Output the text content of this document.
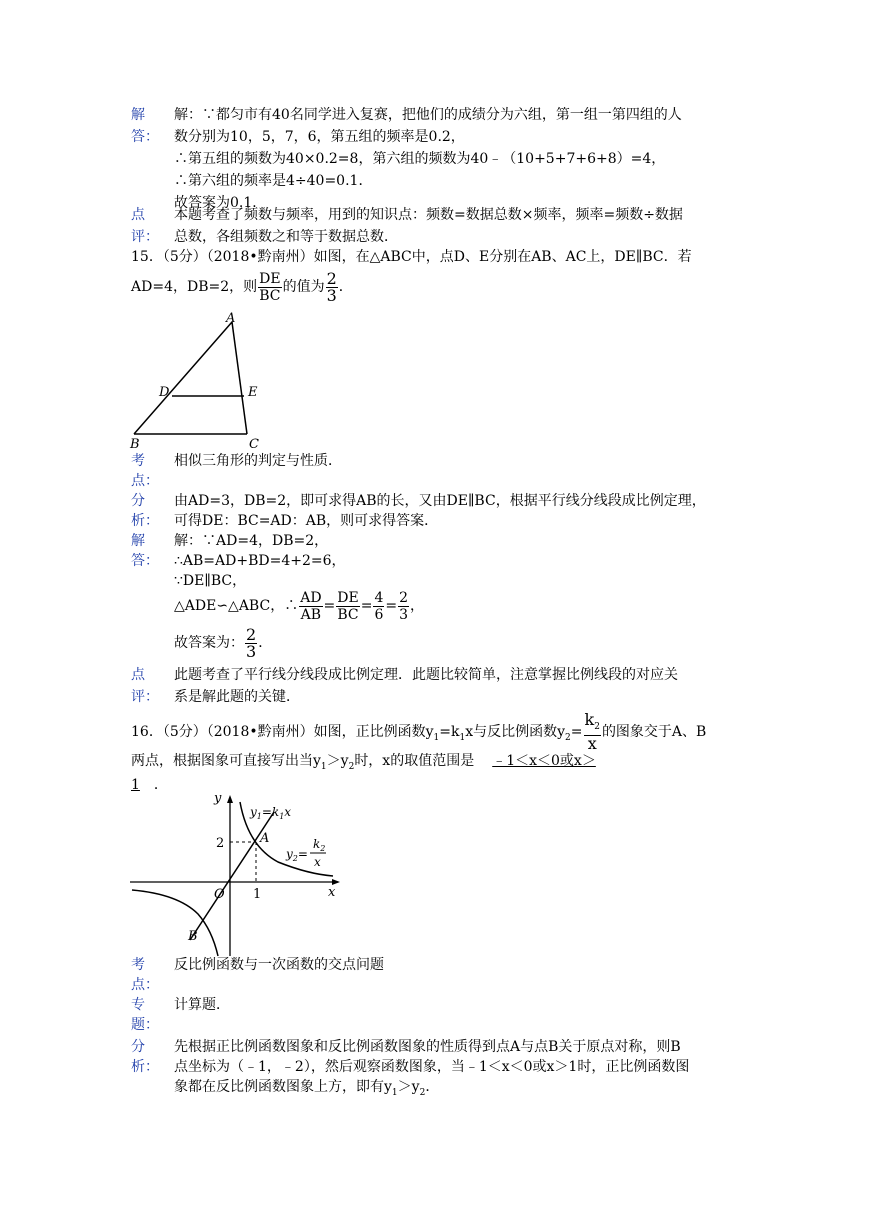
解
答：
解：∵都匀市有40名同学进入复赛，把他们的成绩分为六组，第一组一第四组的人
数分别为10，5，7，6，第五组的频率是0.2，
∴第五组的频数为40×0.2=8，第六组的频数为40﹣（10+5+7+6+8）=4，
∴第六组的频率是4÷40=0.1．
故答案为0.1．
点
评：
本题考查了频数与频率，用到的知识点：频数=数据总数×频率，频率=频数÷数据
总数，各组频数之和等于数据总数．
15．（5分）（2018•黔南州）如图，在△ABC中，点D、E分别在AB、AC上，DE∥BC．若
AD=4，DB=2，则 $\frac{DE}{BC}$ 的值为 $\frac{2}{3}$ ．
A
B	C
D	E
考
点：
相似三角形的判定与性质．
分
析：
由AD=3，DB=2，即可求得AB的长，又由DE∥BC，根据平行线分线段成比例定理，
可得DE：BC=AD：AB，则可求得答案．
解
答：
解：∵AD=4，DB=2，
∴AB=AD+BD=4+2=6，
∵DE∥BC，
△ADE∽△ABC，∴ $\frac{AD}{AB} = \frac{DE}{BC} = \frac{4}{6} = \frac{2}{3}$ ，
故答案为： $\frac{2}{3}$ ．
点
评：
此题考查了平行线分线段成比例定理．此题比较简单，注意掌握比例线段的对应关
系是解此题的关键．
16．（5分）（2018•黔南州）如图，正比例函数$y_1=k_1x$与反比例函数$y_2= \frac{k_2}{x}$ 的图象交于A、B
两点，根据图象可直接写出当$y_1>y_2$时，x的取值范围是 ﹣1＜x＜0或x＞
1 ．
y
x
O 1
2	A
B
$y_1=k_1x$
$y_2=$
$k_2$
x
考
点：
反比例函数与一次函数的交点问题
专
题：
计算题．
分
析：
先根据正比例函数图象和反比例函数图象的性质得到点A与点B关于原点对称，则B
点坐标为（﹣1，﹣2），然后观察函数图象，当﹣1＜x＜0或x＞1时，正比例函数图
象都在反比例函数图象上方，即有$y_1>y_2$．
